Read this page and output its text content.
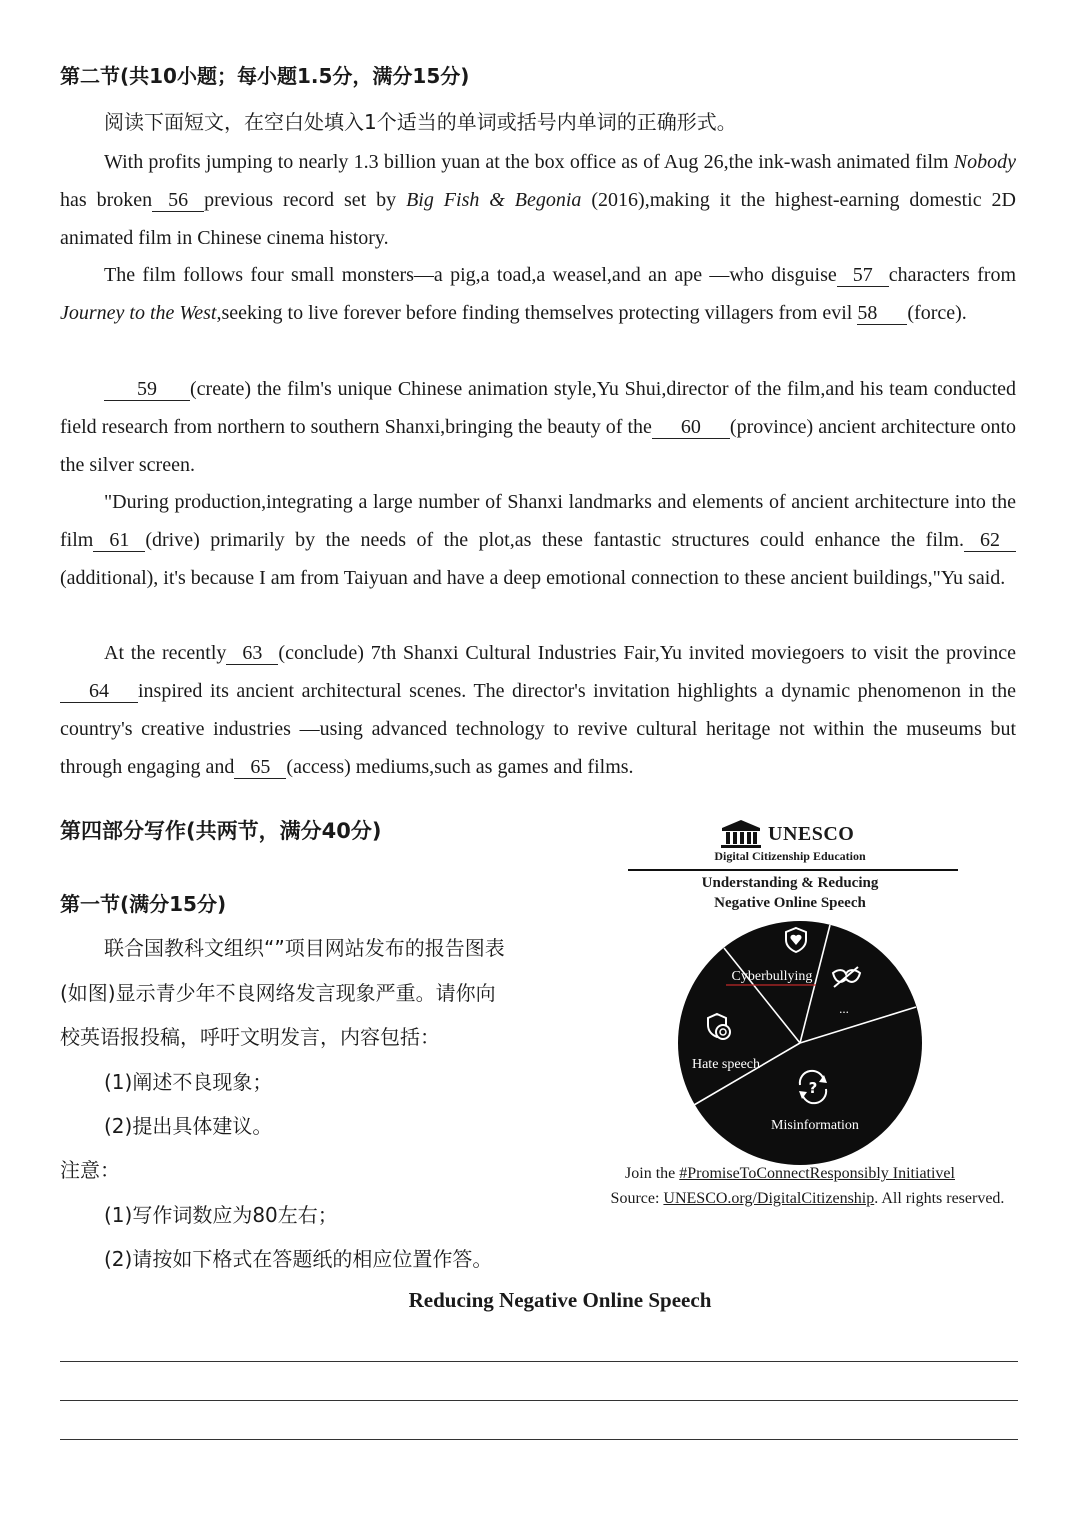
第二节(共10小题；每小题1.5分，满分15分)
阅读下面短文，在空白处填入1个适当的单词或括号内单词的正确形式。
With profits jumping to nearly 1.3 billion yuan at the box office as of Aug 26,the ink-wash animated film Nobody has broken 56 previous record set by Big Fish & Begonia (2016),making it the highest-earning domestic 2D animated film in Chinese cinema history.
The film follows four small monsters—a pig,a toad,a weasel,and an ape —who disguise 57 characters from Journey to the West,seeking to live forever before finding themselves protecting villagers from evil 58 (force).
59 (create) the film's unique Chinese animation style,Yu Shui,director of the film,and his team conducted field research from northern to southern Shanxi,bringing the beauty of the 60 (province) ancient architecture onto the silver screen.
"During production,integrating a large number of Shanxi landmarks and elements of ancient architecture into the film 61 (drive) primarily by the needs of the plot,as these fantastic structures could enhance the film. 62(additional), it's because I am from Taiyuan and have a deep emotional connection to these ancient buildings,"Yu said.
At the recently 63 (conclude) 7th Shanxi Cultural Industries Fair,Yu invited moviegoers to visit the province64 inspired its ancient architectural scenes. The director's invitation highlights a dynamic phenomenon in the country's creative industries —using advanced technology to revive cultural heritage not within the museums but through engaging and 65 (access) mediums,such as games and films.
第四部分写作(共两节，满分40分)
第一节(满分15分)
联合国教科文组织“”项目网站发布的报告图表
(如图)显示青少年不良网络发言现象严重。请你向
校英语报投稿，呼吁文明发言，内容包括：
(1)阐述不良现象；
(2)提出具体建议。
注意：
(1)写作词数应为80左右；
(2)请按如下格式在答题纸的相应位置作答。
Reducing Negative Online Speech
UNESCO
Digital Citizenship Education
Understanding & Reducing
Negative Online Speech
?
Cyberbullying
...
Hate speech
Misinformation
Join the #PromiseToConnectResponsibly Initiativel
Source: UNESCO.org/DigitalCitizenship. All rights reserved.
